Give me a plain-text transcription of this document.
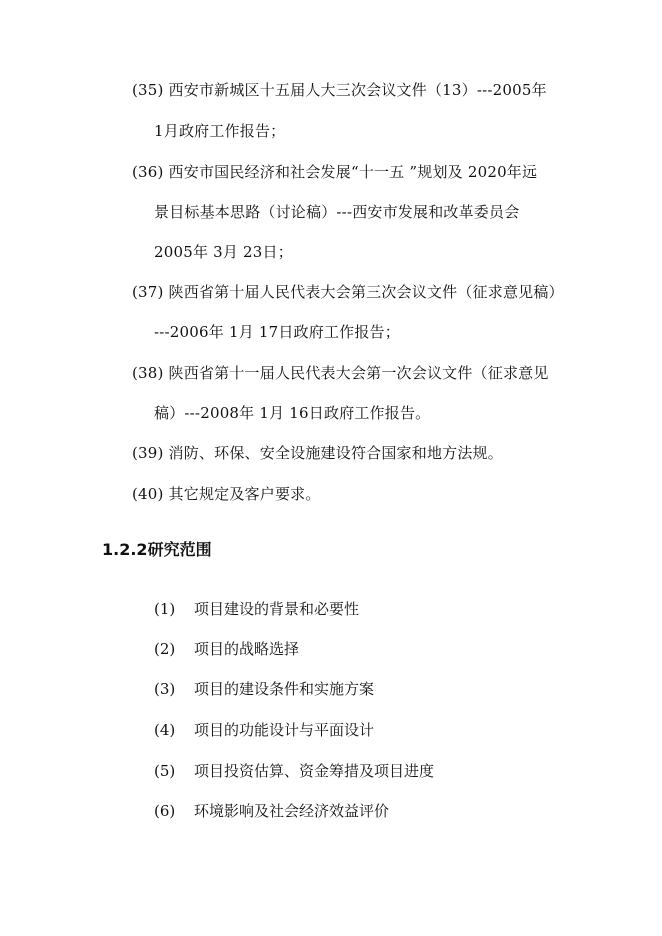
(35) 西安市新城区十五届人大三次会议文件（13）---2005年
1月政府工作报告；
(36) 西安市国民经济和社会发展“十一五 ”规划及 2020年远
景目标基本思路（讨论稿）---西安市发展和改革委员会
2005年 3月 23日；
(37) 陕西省第十届人民代表大会第三次会议文件（征求意见稿）
---2006年 1月 17日政府工作报告；
(38) 陕西省第十一届人民代表大会第一次会议文件（征求意见
稿）---2008年 1月 16日政府工作报告。
(39) 消防、环保、安全设施建设符合国家和地方法规。
(40) 其它规定及客户要求。
1.2.2研究范围
(1) 项目建设的背景和必要性
(2) 项目的战略选择
(3) 项目的建设条件和实施方案
(4) 项目的功能设计与平面设计
(5) 项目投资估算、资金筹措及项目进度
(6) 环境影响及社会经济效益评价
